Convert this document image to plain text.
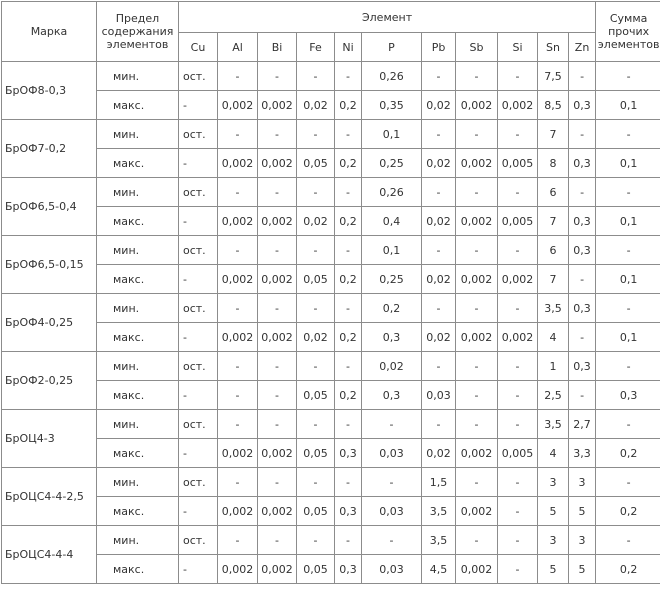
Марка	Предел содержания элементов	Элемент											Сумма прочих элементов
		Cu	Al	Bi	Fe	Ni	P	Pb	Sb	Si	Sn	Zn	
БрОФ8-0,3	мин.	ост.	-	-	-	-	0,26	-	-	-	7,5	-	-
	макс.	-	0,002	0,002	0,02	0,2	0,35	0,02	0,002	0,002	8,5	0,3	0,1
БрОФ7-0,2	мин.	ост.	-	-	-	-	0,1	-	-	-	7	-	-
	макс.	-	0,002	0,002	0,05	0,2	0,25	0,02	0,002	0,005	8	0,3	0,1
БрОФ6,5-0,4	мин.	ост.	-	-	-	-	0,26	-	-	-	6	-	-
	макс.	-	0,002	0,002	0,02	0,2	0,4	0,02	0,002	0,005	7	0,3	0,1
БрОФ6,5-0,15	мин.	ост.	-	-	-	-	0,1	-	-	-	6	0,3	-
	макс.	-	0,002	0,002	0,05	0,2	0,25	0,02	0,002	0,002	7	-	0,1
БрОФ4-0,25	мин.	ост.	-	-	-	-	0,2	-	-	-	3,5	0,3	-
	макс.	-	0,002	0,002	0,02	0,2	0,3	0,02	0,002	0,002	4	-	0,1
БрОФ2-0,25	мин.	ост.	-	-	-	-	0,02	-	-	-	1	0,3	-
	макс.	-	-	-	0,05	0,2	0,3	0,03	-	-	2,5	-	0,3
БрОЦ4-3	мин.	ост.	-	-	-	-	-	-	-	-	3,5	2,7	-
	макс.	-	0,002	0,002	0,05	0,3	0,03	0,02	0,002	0,005	4	3,3	0,2
БрОЦС4-4-2,5	мин.	ост.	-	-	-	-	-	1,5	-	-	3	3	-
	макс.	-	0,002	0,002	0,05	0,3	0,03	3,5	0,002	-	5	5	0,2
БрОЦС4-4-4	мин.	ост.	-	-	-	-	-	3,5	-	-	3	3	-
	макс.	-	0,002	0,002	0,05	0,3	0,03	4,5	0,002	-	5	5	0,2
